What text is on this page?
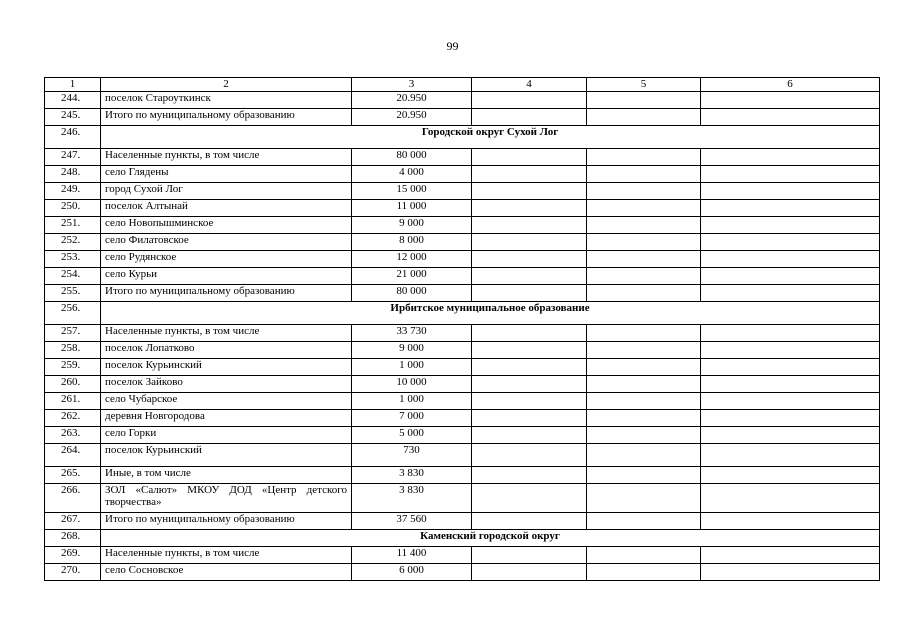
99
1	2	3	4	5	6
244.	поселок Староуткинск	20.950			
245.	Итого по муниципальному образованию	20.950			
246.	Городской округ Сухой Лог				
247.	Населенные пункты, в том числе	80 000			
248.	село Глядены	4 000			
249.	город Сухой Лог	15 000			
250.	поселок Алтынай	11 000			
251.	село Новопышминское	9 000			
252.	село Филатовское	8 000			
253.	село Рудянское	12 000			
254.	село Курьи	21 000			
255.	Итого по муниципальному образованию	80 000			
256.	Ирбитское муниципальное образование				
257.	Населенные пункты, в том числе	33 730			
258.	поселок Лопатково	9 000			
259.	поселок Курьинский	1 000			
260.	поселок Зайково	10 000			
261.	село Чубарское	1 000			
262.	деревня Новгородова	7 000			
263.	село Горки	5 000			
264.	поселок Курьинский	730			
265.	Иные, в том числе	3 830			
266.	ЗОЛ «Салют» МКОУ ДОД «Центр детского творчества»	3 830			
267.	Итого по муниципальному образованию	37 560			
268.	Каменский городской округ				
269.	Населенные пункты, в том числе	11 400			
270.	село Сосновское	6 000			
